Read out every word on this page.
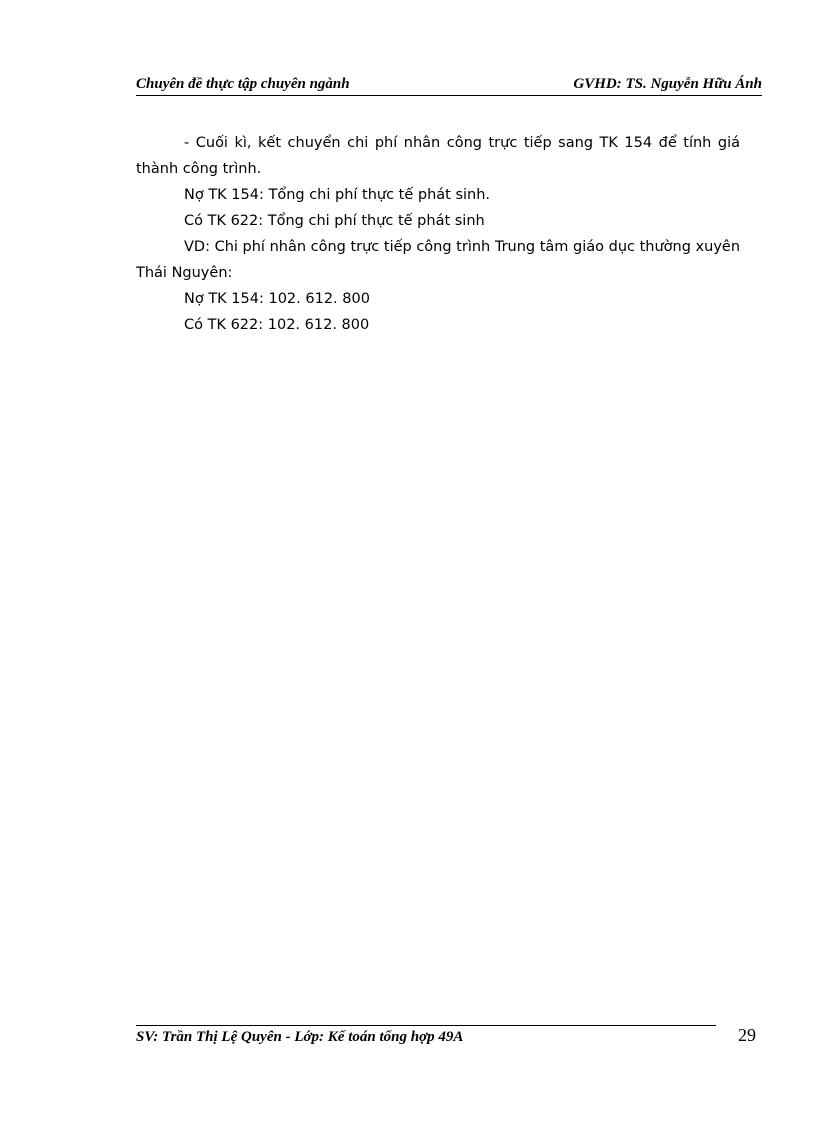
Chuyên đề thực tập chuyên ngành	GVHD: TS. Nguyễn Hữu Ánh

- Cuối kì, kết chuyển chi phí nhân công trực tiếp sang TK 154 để tính giá thành công trình.

Nợ TK 154: Tổng chi phí thực tế phát sinh.

Có TK 622: Tổng chi phí thực tế phát sinh

VD: Chi phí nhân công trực tiếp công trình Trung tâm giáo dục thường xuyên Thái Nguyên:

Nợ TK 154: 102. 612. 800

Có TK 622: 102. 612. 800

SV: Trần Thị Lệ Quyên - Lớp: Kế toán tổng hợp 49A	29
